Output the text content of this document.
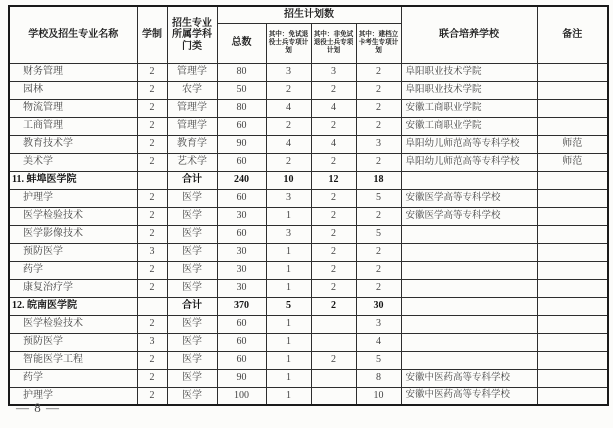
学校及招生专业名称	学制	招生专业所属学科门类	招生计划数				联合培养学校	备注
			总数	其中：免试退役士兵专项计划	其中：非免试退役士兵专项计划	其中：建档立卡考生专项计划		
财务管理	2	管理学	80	3	3	2	阜阳职业技术学院	
园林	2	农学	50	2	2	2	阜阳职业技术学院	
物流管理	2	管理学	80	4	4	2	安徽工商职业学院	
工商管理	2	管理学	60	2	2	2	安徽工商职业学院	
教育技术学	2	教育学	90	4	4	3	阜阳幼儿师范高等专科学校	师范
美术学	2	艺术学	60	2	2	2	阜阳幼儿师范高等专科学校	师范
11. 蚌埠医学院		合计	240	10	12	18		
护理学	2	医学	60	3	2	5	安徽医学高等专科学校	
医学检验技术	2	医学	30	1	2	2	安徽医学高等专科学校	
医学影像技术	2	医学	60	3	2	5		
预防医学	3	医学	30	1	2	2		
药学	2	医学	30	1	2	2		
康复治疗学	2	医学	30	1	2	2		
12. 皖南医学院		合计	370	5	2	30		
医学检验技术	2	医学	60	1		3		
预防医学	3	医学	60	1		4		
智能医学工程	2	医学	60	1	2	5		
药学	2	医学	90	1		8	安徽中医药高等专科学校	
护理学	2	医学	100	1		10	安徽中医药高等专科学校	
— 8 —
